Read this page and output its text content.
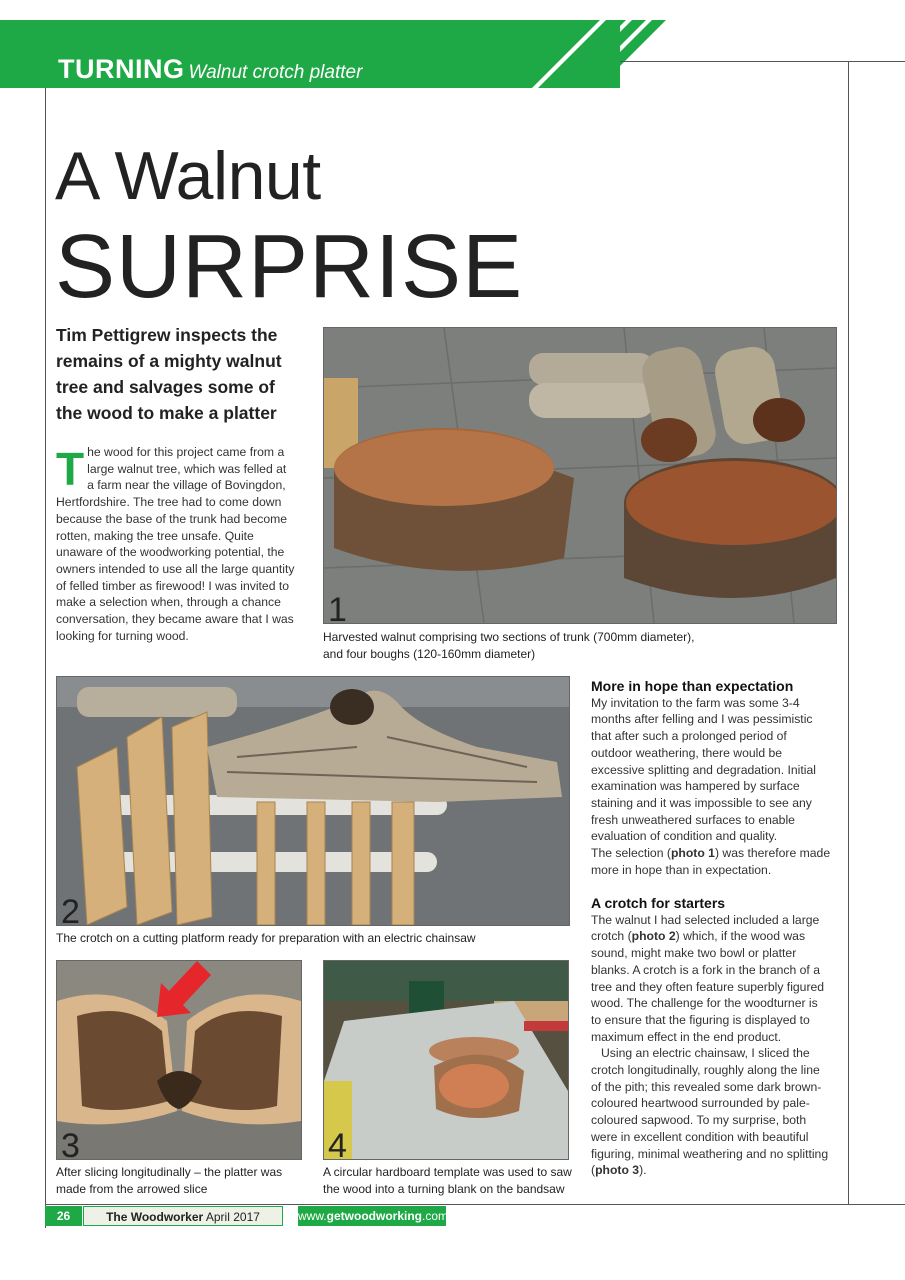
TURNING Walnut crotch platter
A Walnut
SURPRISE
Tim Pettigrew inspects the remains of a mighty walnut tree and salvages some of the wood to make a platter
The wood for this project came from a large walnut tree, which was felled at a farm near the village of Bovingdon, Hertfordshire. The tree had to come down because the base of the trunk had become rotten, making the tree unsafe. Quite unaware of the woodworking potential, the owners intended to use all the large quantity of felled timber as firewood! I was invited to make a selection when, through a chance conversation, they became aware that I was looking for turning wood.
1
Harvested walnut comprising two sections of trunk (700mm diameter), and four boughs (120-160mm diameter)
2
The crotch on a cutting platform ready for preparation with an electric chainsaw
3
After slicing longitudinally – the platter was made from the arrowed slice
4
A circular hardboard template was used to saw the wood into a turning blank on the bandsaw
More in hope than expectation
My invitation to the farm was some 3-4 months after felling and I was pessimistic that after such a prolonged period of outdoor weathering, there would be excessive splitting and degradation. Initial examination was hampered by surface staining and it was impossible to see any fresh unweathered surfaces to enable evaluation of condition and quality.
The selection (photo 1) was therefore made more in hope than in expectation.
A crotch for starters
The walnut I had selected included a large crotch (photo 2) which, if the wood was sound, might make two bowl or platter blanks. A crotch is a fork in the branch of a tree and they often feature superbly figured wood. The challenge for the woodturner is to ensure that the figuring is displayed to maximum effect in the end product.
Using an electric chainsaw, I sliced the crotch longitudinally, roughly along the line of the pith; this revealed some dark brown-coloured heartwood surrounded by pale-coloured sapwood. To my surprise, both were in excellent condition with beautiful figuring, minimal weathering and no splitting (photo 3).
26	The Woodworker April 2017	www.getwoodworking.com
